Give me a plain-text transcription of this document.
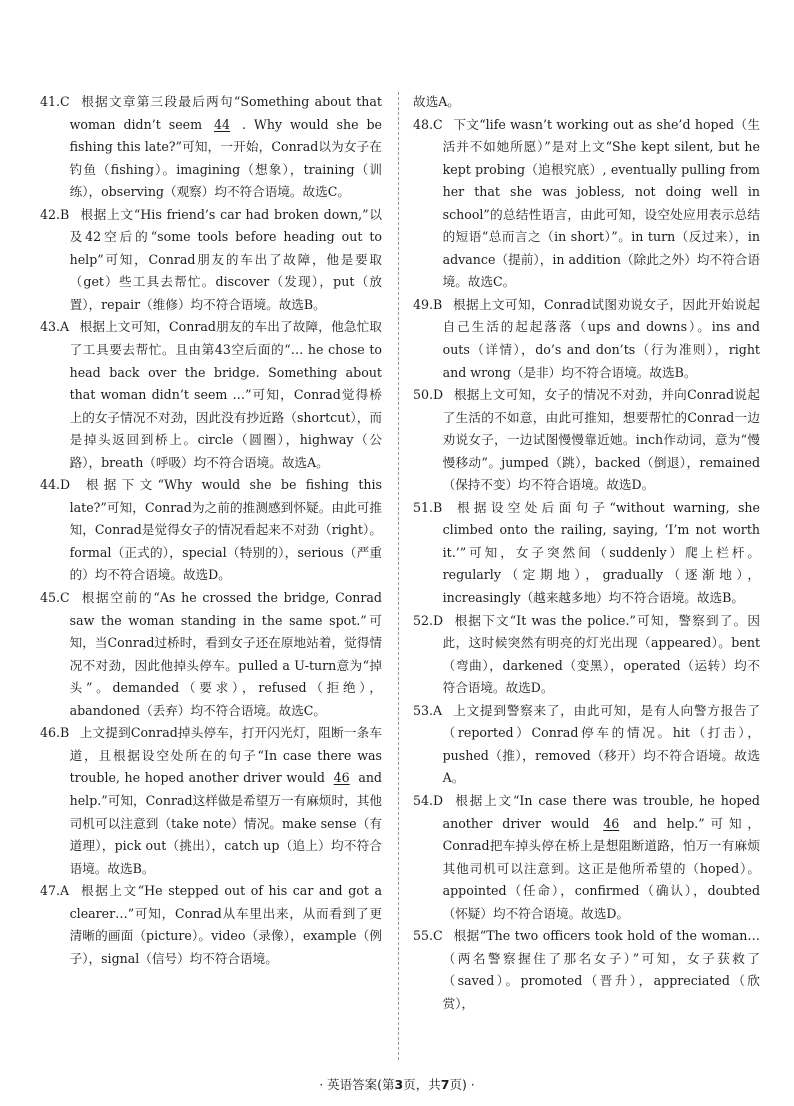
41.C  根据文章第三段最后两句“Something about that woman didn’t seem 44 . Why would she be fishing this late?”可知，一开始，Conrad以为女子在钓鱼（fishing）。imagining（想象），training（训练），observing（观察）均不符合语境。故选C。
42.B  根据上文“His friend’s car had broken down,”以及42空后的“some tools before heading out to help”可知，Conrad朋友的车出了故障，他是要取（get）些工具去帮忙。discover（发现），put（放置），repair（维修）均不符合语境。故选B。
43.A  根据上文可知，Conrad朋友的车出了故障，他急忙取了工具要去帮忙。且由第43空后面的“… he chose to head back over the bridge. Something about that woman didn’t seem …”可知，Conrad觉得桥上的女子情况不对劲，因此没有抄近路（shortcut），而是掉头返回到桥上。circle（圆圈），highway（公路），breath（呼吸）均不符合语境。故选A。
44.D  根据下文“Why would she be fishing this late?”可知，Conrad为之前的推测感到怀疑。由此可推知，Conrad是觉得女子的情况看起来不对劲（right）。formal（正式的），special（特别的），serious（严重的）均不符合语境。故选D。
45.C  根据空前的“As he crossed the bridge, Conrad saw the woman standing in the same spot.”可知，当Conrad过桥时，看到女子还在原地站着，觉得情况不对劲，因此他掉头停车。pulled a U-turn意为“掉头”。demanded（要求），refused（拒绝），abandoned（丢弃）均不符合语境。故选C。
46.B  上文提到Conrad掉头停车，打开闪光灯，阻断一条车道，且根据设空处所在的句子“In case there was trouble, he hoped another driver would 46 and help.”可知，Conrad这样做是希望万一有麻烦时，其他司机可以注意到（take note）情况。make sense（有道理），pick out（挑出），catch up（追上）均不符合语境。故选B。
47.A  根据上文“He stepped out of his car and got a clearer…”可知，Conrad从车里出来，从而看到了更清晰的画面（picture）。video（录像），example（例子），signal（信号）均不符合语境。
故选A。
48.C  下文“life wasn’t working out as she’d hoped（生活并不如她所愿）”是对上文“She kept silent, but he kept probing（追根究底）, eventually pulling from her that she was jobless, not doing well in school”的总结性语言，由此可知，设空处应用表示总结的短语“总而言之（in short）”。in turn（反过来），in advance（提前），in addition（除此之外）均不符合语境。故选C。
49.B  根据上文可知，Conrad试图劝说女子，因此开始说起自己生活的起起落落（ups and downs）。ins and outs（详情），do’s and don’ts（行为准则），right and wrong（是非）均不符合语境。故选B。
50.D  根据上文可知，女子的情况不对劲，并向Conrad说起了生活的不如意，由此可推知，想要帮忙的Conrad一边劝说女子，一边试图慢慢靠近她。inch作动词，意为“慢慢移动”。jumped（跳），backed（倒退），remained（保持不变）均不符合语境。故选D。
51.B  根据设空处后面句子“without warning, she climbed onto the railing, saying, ‘I’m not worth it.’”可知，女子突然间（suddenly）爬上栏杆。regularly（定期地），gradually（逐渐地），increasingly（越来越多地）均不符合语境。故选B。
52.D  根据下文“It was the police.”可知，警察到了。因此，这时候突然有明亮的灯光出现（appeared）。bent（弯曲），darkened（变黑），operated（运转）均不符合语境。故选D。
53.A  上文提到警察来了，由此可知，是有人向警方报告了（reported）Conrad停车的情况。hit（打击），pushed（推），removed（移开）均不符合语境。故选A。
54.D  根据上文“In case there was trouble, he hoped another driver would 46 and help.”可知，Conrad把车掉头停在桥上是想阻断道路，怕万一有麻烦其他司机可以注意到。这正是他所希望的（hoped）。appointed（任命），confirmed（确认），doubted（怀疑）均不符合语境。故选D。
55.C  根据“The two officers took hold of the woman…（两名警察握住了那名女子）”可知，女子获救了（saved）。promoted（晋升），appreciated（欣赏），
· 英语答案(第3页，共7页) ·
